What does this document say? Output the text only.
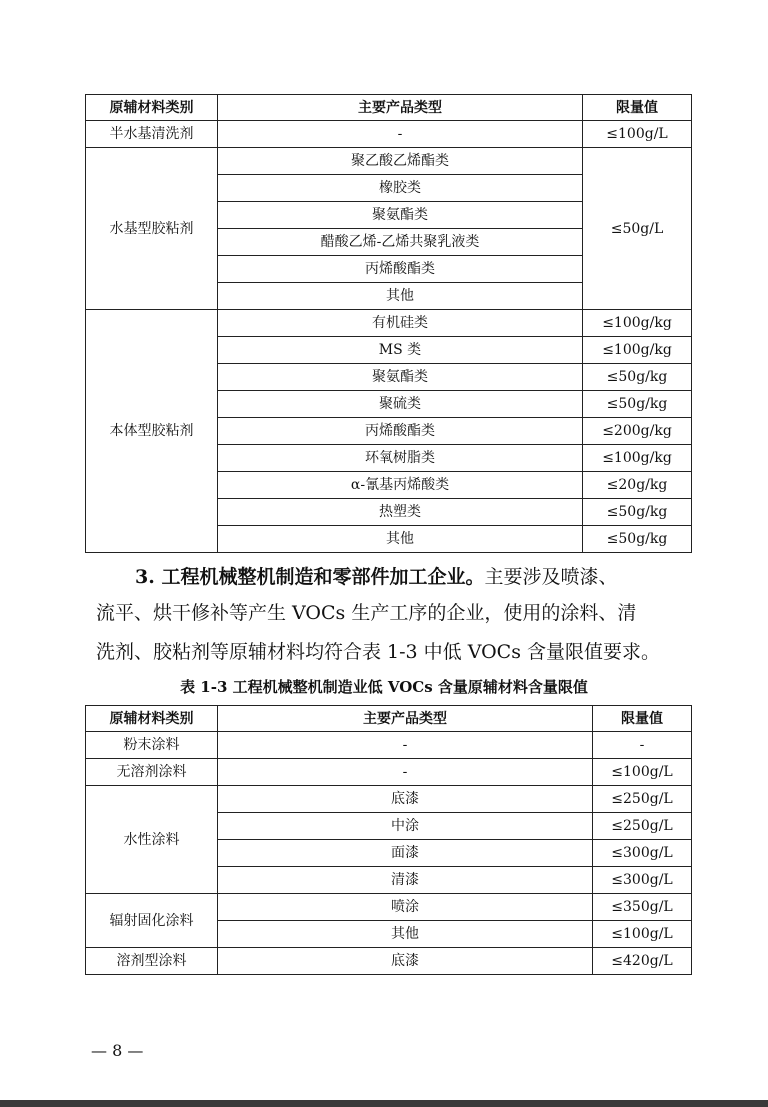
原辅材料类别	主要产品类型	限量值
半水基清洗剂	-	≤100g/L
水基型胶粘剂	聚乙酸乙烯酯类	≤50g/L
	橡胶类	
	聚氨酯类	
	醋酸乙烯-乙烯共聚乳液类	
	丙烯酸酯类	
	其他	
本体型胶粘剂	有机硅类	≤100g/kg
	MS 类	≤100g/kg
	聚氨酯类	≤50g/kg
	聚硫类	≤50g/kg
	丙烯酸酯类	≤200g/kg
	环氧树脂类	≤100g/kg
	α-氰基丙烯酸类	≤20g/kg
	热塑类	≤50g/kg
	其他	≤50g/kg
3. 工程机械整机制造和零部件加工企业。主要涉及喷漆、
流平、烘干修补等产生 VOCs 生产工序的企业，使用的涂料、清
洗剂、胶粘剂等原辅材料均符合表 1-3 中低 VOCs 含量限值要求。
表 1-3 工程机械整机制造业低 VOCs 含量原辅材料含量限值
原辅材料类别	主要产品类型	限量值
粉末涂料	-	-
无溶剂涂料	-	≤100g/L
水性涂料	底漆	≤250g/L
	中涂	≤250g/L
	面漆	≤300g/L
	清漆	≤300g/L
辐射固化涂料	喷涂	≤350g/L
	其他	≤100g/L
溶剂型涂料	底漆	≤420g/L
— 8 —
